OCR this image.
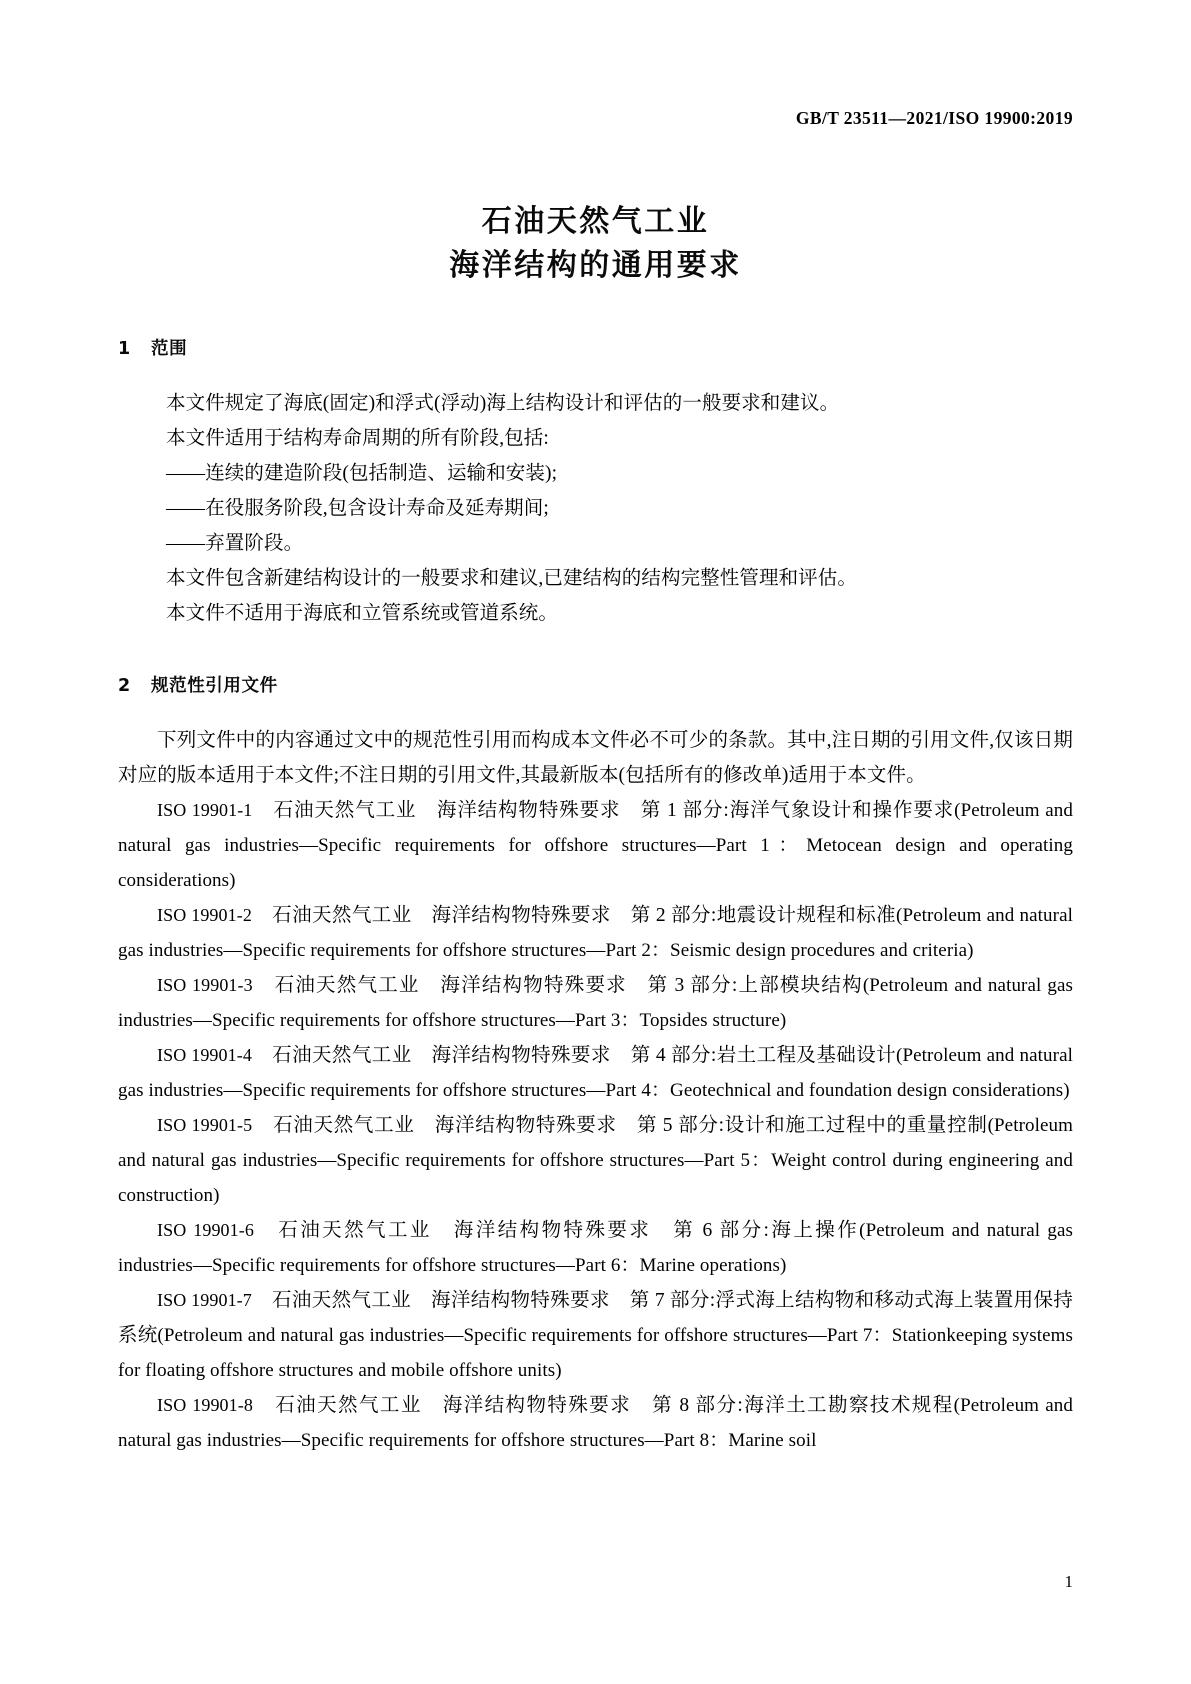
GB/T 23511—2021/ISO 19900:2019
石油天然气工业
海洋结构的通用要求
1 范围

本文件规定了海底(固定)和浮式(浮动)海上结构设计和评估的一般要求和建议。

本文件适用于结构寿命周期的所有阶段,包括:

——连续的建造阶段(包括制造、运输和安装);

——在役服务阶段,包含设计寿命及延寿期间;

——弃置阶段。

本文件包含新建结构设计的一般要求和建议,已建结构的结构完整性管理和评估。

本文件不适用于海底和立管系统或管道系统。

2 规范性引用文件

下列文件中的内容通过文中的规范性引用而构成本文件必不可少的条款。其中,注日期的引用文件,仅该日期对应的版本适用于本文件;不注日期的引用文件,其最新版本(包括所有的修改单)适用于本文件。

ISO 19901-1　 石油天然气工业　海洋结构物特殊要求　第 1 部分:海洋气象设计和操作要求(Petroleum and natural gas industries—Specific requirements for offshore structures—Part 1：Metocean design and operating considerations)

ISO 19901-2　 石油天然气工业　海洋结构物特殊要求　第 2 部分:地震设计规程和标准(Petroleum and natural gas industries—Specific requirements for offshore structures—Part 2：Seismic design procedures and criteria)

ISO 19901-3　 石油天然气工业　海洋结构物特殊要求　第 3 部分:上部模块结构(Petroleum and natural gas industries—Specific requirements for offshore structures—Part 3：Topsides structure)

ISO 19901-4　 石油天然气工业　海洋结构物特殊要求　第 4 部分:岩土工程及基础设计(Petroleum and natural gas industries—Specific requirements for offshore structures—Part 4：Geotechnical and foundation design considerations)

ISO 19901-5　 石油天然气工业　海洋结构物特殊要求　第 5 部分:设计和施工过程中的重量控制(Petroleum and natural gas industries—Specific requirements for offshore structures—Part 5：Weight control during engineering and construction)

ISO 19901-6　 石油天然气工业　海洋结构物特殊要求　第 6 部分:海上操作(Petroleum and natural gas industries—Specific requirements for offshore structures—Part 6：Marine operations)

ISO 19901-7　 石油天然气工业　海洋结构物特殊要求　第 7 部分:浮式海上结构物和移动式海上装置用保持系统(Petroleum and natural gas industries—Specific requirements for offshore structures—Part 7：Stationkeeping systems for floating offshore structures and mobile offshore units)

ISO 19901-8　 石油天然气工业　海洋结构物特殊要求　第 8 部分:海洋土工勘察技术规程(Petroleum and natural gas industries—Specific requirements for offshore structures—Part 8：Marine soil

1
